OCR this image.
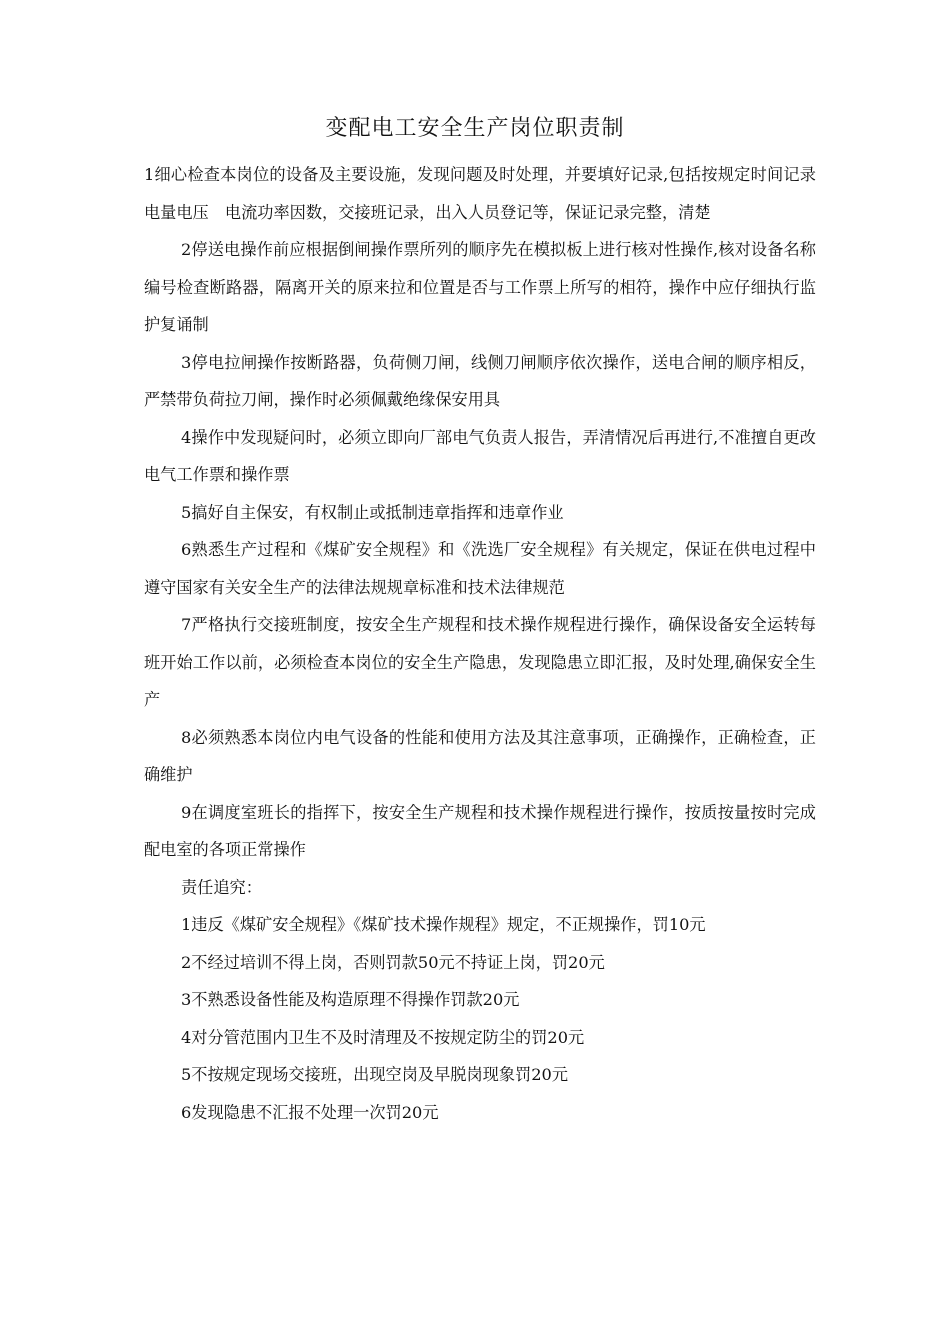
变配电工安全生产岗位职责制

1细心检查本岗位的设备及主要设施，发现问题及时处理，并要填好记录,包括按规定时间记录电量电压　电流功率因数，交接班记录，出入人员登记等，保证记录完整，清楚

2停送电操作前应根据倒闸操作票所列的顺序先在模拟板上进行核对性操作,核对设备名称编号检查断路器，隔离开关的原来拉和位置是否与工作票上所写的相符，操作中应仔细执行监护复诵制

3停电拉闸操作按断路器，负荷侧刀闸，线侧刀闸顺序依次操作，送电合闸的顺序相反，严禁带负荷拉刀闸，操作时必须佩戴绝缘保安用具

4操作中发现疑问时，必须立即向厂部电气负责人报告，弄清情况后再进行,不准擅自更改电气工作票和操作票

5搞好自主保安，有权制止或抵制违章指挥和违章作业

6熟悉生产过程和《煤矿安全规程》和《洗选厂安全规程》有关规定，保证在供电过程中遵守国家有关安全生产的法律法规规章标准和技术法律规范

7严格执行交接班制度，按安全生产规程和技术操作规程进行操作，确保设备安全运转每班开始工作以前，必须检查本岗位的安全生产隐患，发现隐患立即汇报，及时处理,确保安全生产

8必须熟悉本岗位内电气设备的性能和使用方法及其注意事项，正确操作，正确检查，正确维护

9在调度室班长的指挥下，按安全生产规程和技术操作规程进行操作，按质按量按时完成配电室的各项正常操作

责任追究：

1违反《煤矿安全规程》《煤矿技术操作规程》规定，不正规操作，罚10元

2不经过培训不得上岗，否则罚款50元不持证上岗，罚20元

3不熟悉设备性能及构造原理不得操作罚款20元

4对分管范围内卫生不及时清理及不按规定防尘的罚20元

5不按规定现场交接班，出现空岗及早脱岗现象罚20元

6发现隐患不汇报不处理一次罚20元
